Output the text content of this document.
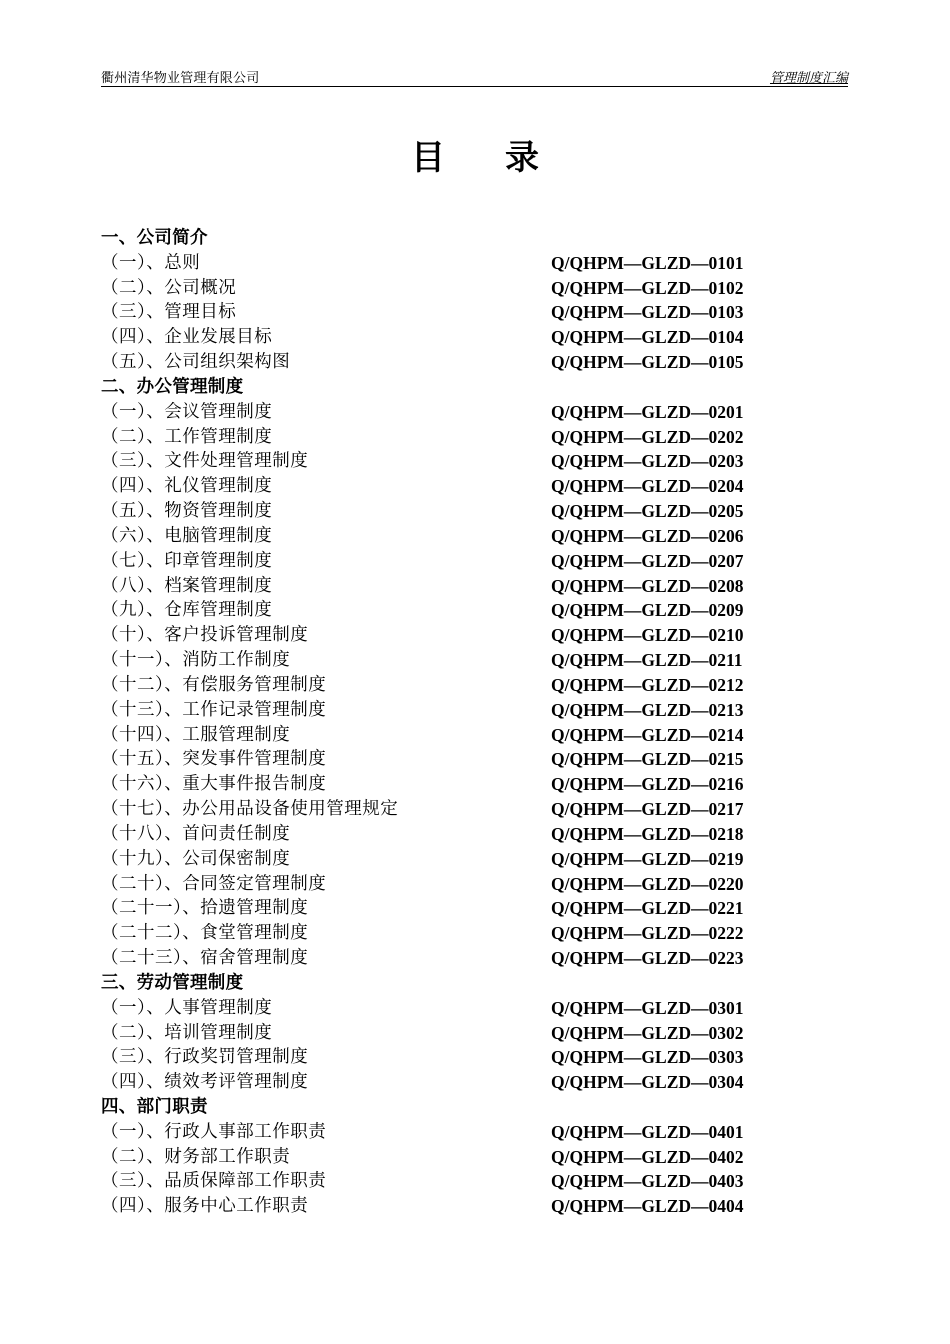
衢州清华物业管理有限公司	管理制度汇编
目录
一、公司简介
（一）、总则	Q/QHPM—GLZD—0101
（二）、公司概况	Q/QHPM—GLZD—0102
（三）、管理目标	Q/QHPM—GLZD—0103
（四）、企业发展目标	Q/QHPM—GLZD—0104
（五）、公司组织架构图	Q/QHPM—GLZD—0105
二、办公管理制度
（一）、会议管理制度	Q/QHPM—GLZD—0201
（二）、工作管理制度	Q/QHPM—GLZD—0202
（三）、文件处理管理制度	Q/QHPM—GLZD—0203
（四）、礼仪管理制度	Q/QHPM—GLZD—0204
（五）、物资管理制度	Q/QHPM—GLZD—0205
（六）、电脑管理制度	Q/QHPM—GLZD—0206
（七）、印章管理制度	Q/QHPM—GLZD—0207
（八）、档案管理制度	Q/QHPM—GLZD—0208
（九）、仓库管理制度	Q/QHPM—GLZD—0209
（十）、客户投诉管理制度	Q/QHPM—GLZD—0210
（十一）、消防工作制度	Q/QHPM—GLZD—0211
（十二）、有偿服务管理制度	Q/QHPM—GLZD—0212
（十三）、工作记录管理制度	Q/QHPM—GLZD—0213
（十四）、工服管理制度	Q/QHPM—GLZD—0214
（十五）、突发事件管理制度	Q/QHPM—GLZD—0215
（十六）、重大事件报告制度	Q/QHPM—GLZD—0216
（十七）、办公用品设备使用管理规定	Q/QHPM—GLZD—0217
（十八）、首问责任制度	Q/QHPM—GLZD—0218
（十九）、公司保密制度	Q/QHPM—GLZD—0219
（二十）、合同签定管理制度	Q/QHPM—GLZD—0220
（二十一）、拾遗管理制度	Q/QHPM—GLZD—0221
（二十二）、食堂管理制度	Q/QHPM—GLZD—0222
（二十三）、宿舍管理制度	Q/QHPM—GLZD—0223
三、劳动管理制度
（一）、人事管理制度	Q/QHPM—GLZD—0301
（二）、培训管理制度	Q/QHPM—GLZD—0302
（三）、行政奖罚管理制度	Q/QHPM—GLZD—0303
（四）、绩效考评管理制度	Q/QHPM—GLZD—0304
四、部门职责
（一）、行政人事部工作职责	Q/QHPM—GLZD—0401
（二）、财务部工作职责	Q/QHPM—GLZD—0402
（三）、品质保障部工作职责	Q/QHPM—GLZD—0403
（四）、服务中心工作职责	Q/QHPM—GLZD—0404
